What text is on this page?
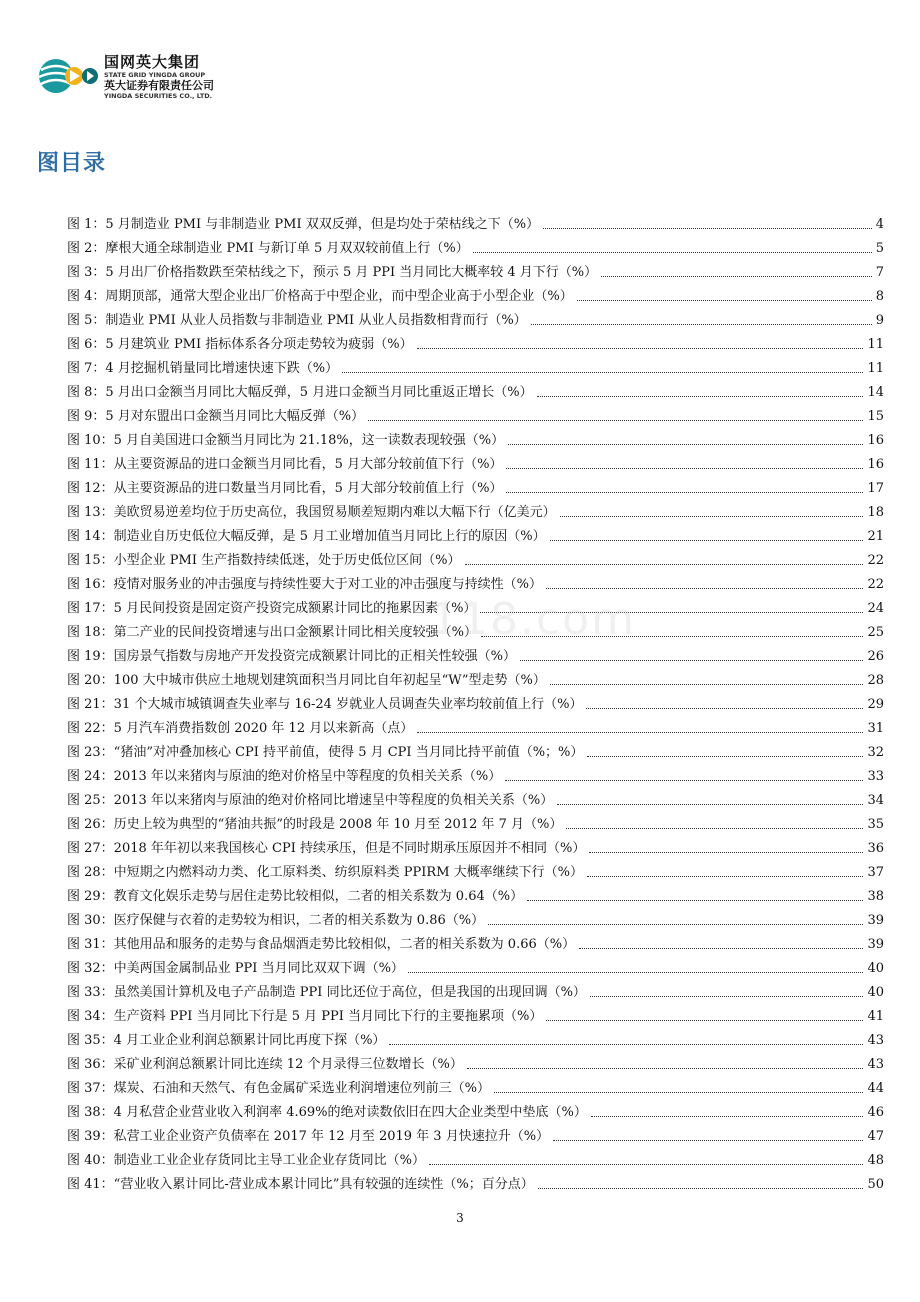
国网英大集团
STATE GRID YINGDA GROUP
英大证券有限责任公司
YINGDA SECURITIES CO., LTD.
图目录
图 1：5 月制造业 PMI 与非制造业 PMI 双双反弹，但是均处于荣枯线之下（%）	4
图 2：摩根大通全球制造业 PMI 与新订单 5 月双双较前值上行（%）	5
图 3：5 月出厂价格指数跌至荣枯线之下，预示 5 月 PPI 当月同比大概率较 4 月下行（%）	7
图 4：周期顶部，通常大型企业出厂价格高于中型企业，而中型企业高于小型企业（%）	8
图 5：制造业 PMI 从业人员指数与非制造业 PMI 从业人员指数相背而行（%）	9
图 6：5 月建筑业 PMI 指标体系各分项走势较为疲弱（%）	11
图 7：4 月挖掘机销量同比增速快速下跌（%）	11
图 8：5 月出口金额当月同比大幅反弹，5 月进口金额当月同比重返正增长（%）	14
图 9：5 月对东盟出口金额当月同比大幅反弹（%）	15
图 10：5 月自美国进口金额当月同比为 21.18%，这一读数表现较强（%）	16
图 11：从主要资源品的进口金额当月同比看，5 月大部分较前值下行（%）	16
图 12：从主要资源品的进口数量当月同比看，5 月大部分较前值上行（%）	17
图 13：美欧贸易逆差均位于历史高位，我国贸易顺差短期内难以大幅下行（亿美元）	18
图 14：制造业自历史低位大幅反弹，是 5 月工业增加值当月同比上行的原因（%）	21
图 15：小型企业 PMI 生产指数持续低迷，处于历史低位区间（%）	22
图 16：疫情对服务业的冲击强度与持续性要大于对工业的冲击强度与持续性（%）	22
图 17：5 月民间投资是固定资产投资完成额累计同比的拖累因素（%）	24
图 18：第二产业的民间投资增速与出口金额累计同比相关度较强（%）	25
图 19：国房景气指数与房地产开发投资完成额累计同比的正相关性较强（%）	26
图 20：100 大中城市供应土地规划建筑面积当月同比自年初起呈“W”型走势（%）	28
图 21：31 个大城市城镇调查失业率与 16-24 岁就业人员调查失业率均较前值上行（%）	29
图 22：5 月汽车消费指数创 2020 年 12 月以来新高（点）	31
图 23：“猪油”对冲叠加核心 CPI 持平前值，使得 5 月 CPI 当月同比持平前值（%；%）	32
图 24：2013 年以来猪肉与原油的绝对价格呈中等程度的负相关关系（%）	33
图 25：2013 年以来猪肉与原油的绝对价格同比增速呈中等程度的负相关关系（%）	34
图 26：历史上较为典型的“猪油共振”的时段是 2008 年 10 月至 2012 年 7 月（%）	35
图 27：2018 年年初以来我国核心 CPI 持续承压，但是不同时期承压原因并不相同（%）	36
图 28：中短期之内燃料动力类、化工原料类、纺织原料类 PPIRM 大概率继续下行（%）	37
图 29：教育文化娱乐走势与居住走势比较相似，二者的相关系数为 0.64（%）	38
图 30：医疗保健与衣着的走势较为相识，二者的相关系数为 0.86（%）	39
图 31：其他用品和服务的走势与食品烟酒走势比较相似，二者的相关系数为 0.66（%）	39
图 32：中美两国金属制品业 PPI 当月同比双双下调（%）	40
图 33：虽然美国计算机及电子产品制造 PPI 同比还位于高位，但是我国的出现回调（%）	40
图 34：生产资料 PPI 当月同比下行是 5 月 PPI 当月同比下行的主要拖累项（%）	41
图 35：4 月工业企业利润总额累计同比再度下探（%）	43
图 36：采矿业利润总额累计同比连续 12 个月录得三位数增长（%）	43
图 37：煤炭、石油和天然气、有色金属矿采选业利润增速位列前三（%）	44
图 38：4 月私营企业营业收入利润率 4.69%的绝对读数依旧在四大企业类型中垫底（%）	46
图 39：私营工业企业资产负债率在 2017 年 12 月至 2019 年 3 月快速拉升（%）	47
图 40：制造业工业企业存货同比主导工业企业存货同比（%）	48
图 41：“营业收入累计同比-营业成本累计同比”具有较强的连续性（%；百分点）	50
118.com
3
